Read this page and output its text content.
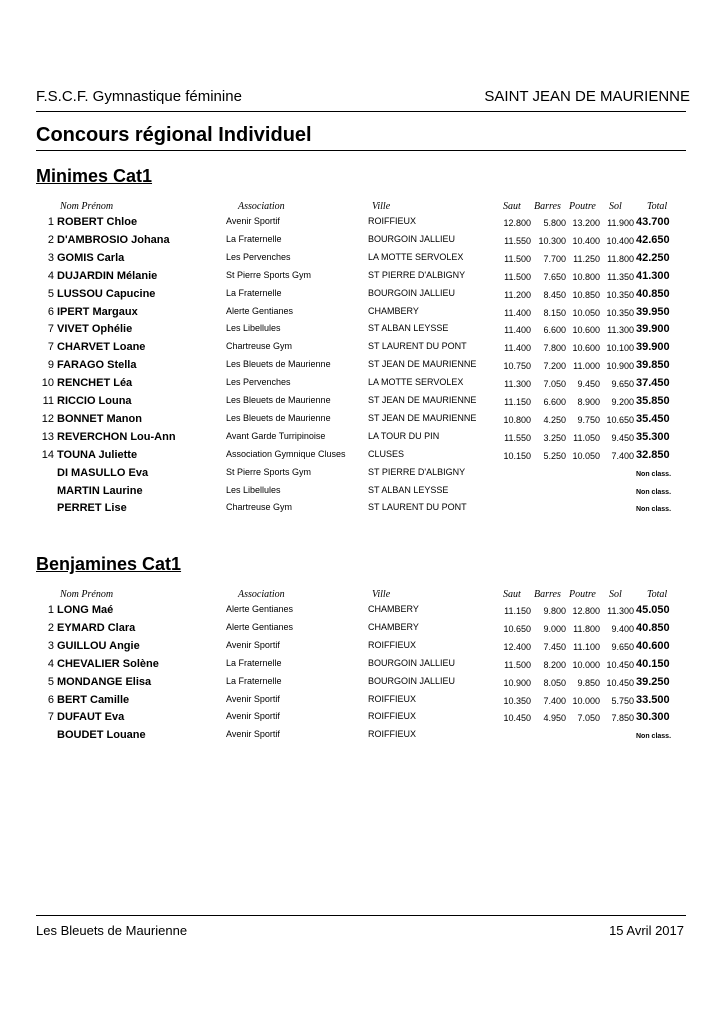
F.S.C.F. Gymnastique féminine	SAINT JEAN DE MAURIENNE
Concours régional Individuel
Minimes Cat1
Nom Prénom	Association	Ville	Saut Barres Poutre Sol	Total
1 ROBERT Chloe	Avenir Sportif	ROIFFIEUX	12.800	5.800 13.200 11.900 43.700
2 D'AMBROSIO Johana	La Fraternelle	BOURGOIN JALLIEU	11.550 10.300 10.400 10.400 42.650
3 GOMIS Carla	Les Pervenches	LA MOTTE SERVOLEX	11.500	7.700 11.250 11.800 42.250
4 DUJARDIN Mélanie	St Pierre Sports Gym	ST PIERRE D'ALBIGNY	11.500	7.650 10.800 11.350 41.300
5 LUSSOU Capucine	La Fraternelle	BOURGOIN JALLIEU	11.200	8.450 10.850 10.350 40.850
6 IPERT Margaux	Alerte Gentianes	CHAMBERY	11.400	8.150 10.050 10.350 39.950
7 VIVET Ophélie	Les Libellules	ST ALBAN LEYSSE	11.400	6.600 10.600 11.300 39.900
7 CHARVET Loane	Chartreuse Gym	ST LAURENT DU PONT	11.400	7.800 10.600 10.100 39.900
9 FARAGO Stella	Les Bleuets de Maurienne	ST JEAN DE MAURIENNE	10.750	7.200 11.000 10.900 39.850
10 RENCHET Léa	Les Pervenches	LA MOTTE SERVOLEX	11.300	7.050	9.450	9.650 37.450
11 RICCIO Louna	Les Bleuets de Maurienne	ST JEAN DE MAURIENNE	11.150	6.600	8.900	9.200 35.850
12 BONNET Manon	Les Bleuets de Maurienne	ST JEAN DE MAURIENNE	10.800	4.250	9.750 10.650 35.450
13 REVERCHON Lou-Ann	Avant Garde Turripinoise	LA TOUR DU PIN	11.550	3.250 11.050	9.450 35.300
14 TOUNA Juliette	Association Gymnique Cluses CLUSES	10.150	5.250 10.050	7.400 32.850
DI MASULLO Eva	St Pierre Sports Gym	ST PIERRE D'ALBIGNY	Non class.
MARTIN Laurine	Les Libellules	ST ALBAN LEYSSE	Non class.
PERRET Lise	Chartreuse Gym	ST LAURENT DU PONT	Non class.
Benjamines Cat1
Nom Prénom	Association	Ville	Saut Barres Poutre Sol	Total
1 LONG Maé	Alerte Gentianes	CHAMBERY	11.150	9.800 12.800 11.300 45.050
2 EYMARD Clara	Alerte Gentianes	CHAMBERY	10.650	9.000 11.800	9.400 40.850
3 GUILLOU Angie	Avenir Sportif	ROIFFIEUX	12.400	7.450 11.100	9.650 40.600
4 CHEVALIER Solène	La Fraternelle	BOURGOIN JALLIEU	11.500	8.200 10.000 10.450 40.150
5 MONDANGE Elisa	La Fraternelle	BOURGOIN JALLIEU	10.900	8.050	9.850 10.450 39.250
6 BERT Camille	Avenir Sportif	ROIFFIEUX	10.350	7.400 10.000	5.750 33.500
7 DUFAUT Eva	Avenir Sportif	ROIFFIEUX	10.450	4.950	7.050	7.850 30.300
BOUDET Louane	Avenir Sportif	ROIFFIEUX	Non class.
Les Bleuets de Maurienne	15 Avril 2017
